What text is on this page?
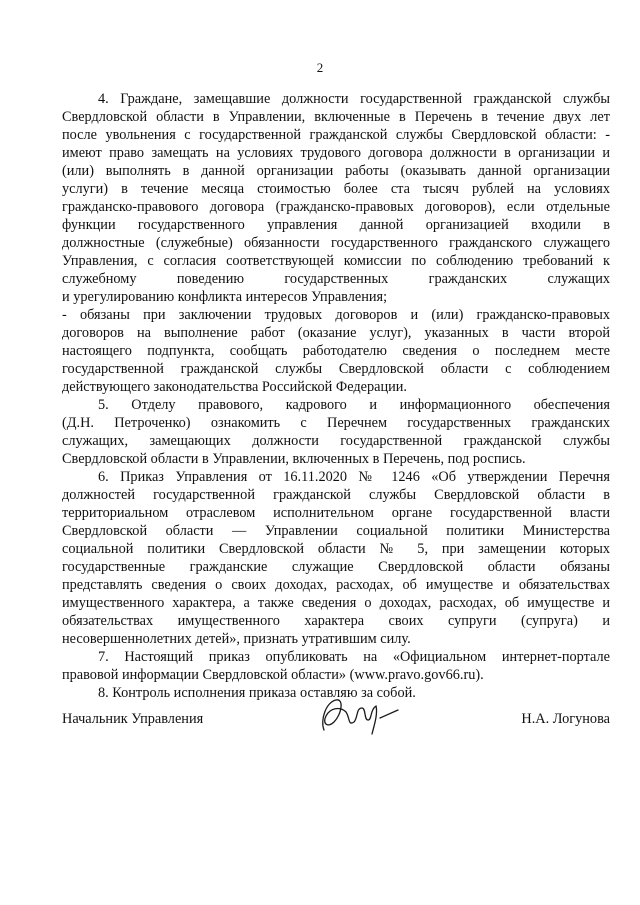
2
4. Граждане, замещавшие должности государственной гражданской службы
Свердловской области в Управлении, включенные в Перечень в течение двух лет
после увольнения с государственной гражданской службы Свердловской области: -
имеют право замещать на условиях трудового договора должности в организации и
(или) выполнять в данной организации работы (оказывать данной организации
услуги) в течение месяца стоимостью более ста тысяч рублей на условиях
гражданско-правового договора (гражданско-правовых договоров), если отдельные
функции государственного управления данной организацией входили в
должностные (служебные) обязанности государственного гражданского служащего
Управления, с согласия соответствующей комиссии по соблюдению требований к
служебному поведению государственных гражданских служащих
и урегулированию конфликта интересов Управления;
- обязаны при заключении трудовых договоров и (или) гражданско-правовых
договоров на выполнение работ (оказание услуг), указанных в части второй
настоящего подпункта, сообщать работодателю сведения о последнем месте
государственной гражданской службы Свердловской области с соблюдением
действующего законодательства Российской Федерации.
5. Отделу правового, кадрового и информационного обеспечения
(Д.Н. Петроченко) ознакомить с Перечнем государственных гражданских
служащих, замещающих должности государственной гражданской службы
Свердловской области в Управлении, включенных в Перечень, под роспись.
6. Приказ Управления от 16.11.2020 № 1246 «Об утверждении Перечня
должностей государственной гражданской службы Свердловской области в
территориальном отраслевом исполнительном органе государственной власти
Свердловской области — Управлении социальной политики Министерства
социальной политики Свердловской области № 5, при замещении которых
государственные гражданские служащие Свердловской области обязаны
представлять сведения о своих доходах, расходах, об имуществе и обязательствах
имущественного характера, а также сведения о доходах, расходах, об имуществе и
обязательствах имущественного характера своих супруги (супруга) и
несовершеннолетних детей», признать утратившим силу.
7. Настоящий приказ опубликовать на «Официальном интернет-портале
правовой информации Свердловской области» (www.pravo.gov66.ru).
8. Контроль исполнения приказа оставляю за собой.
Начальник Управления	Н.А. Логунова
